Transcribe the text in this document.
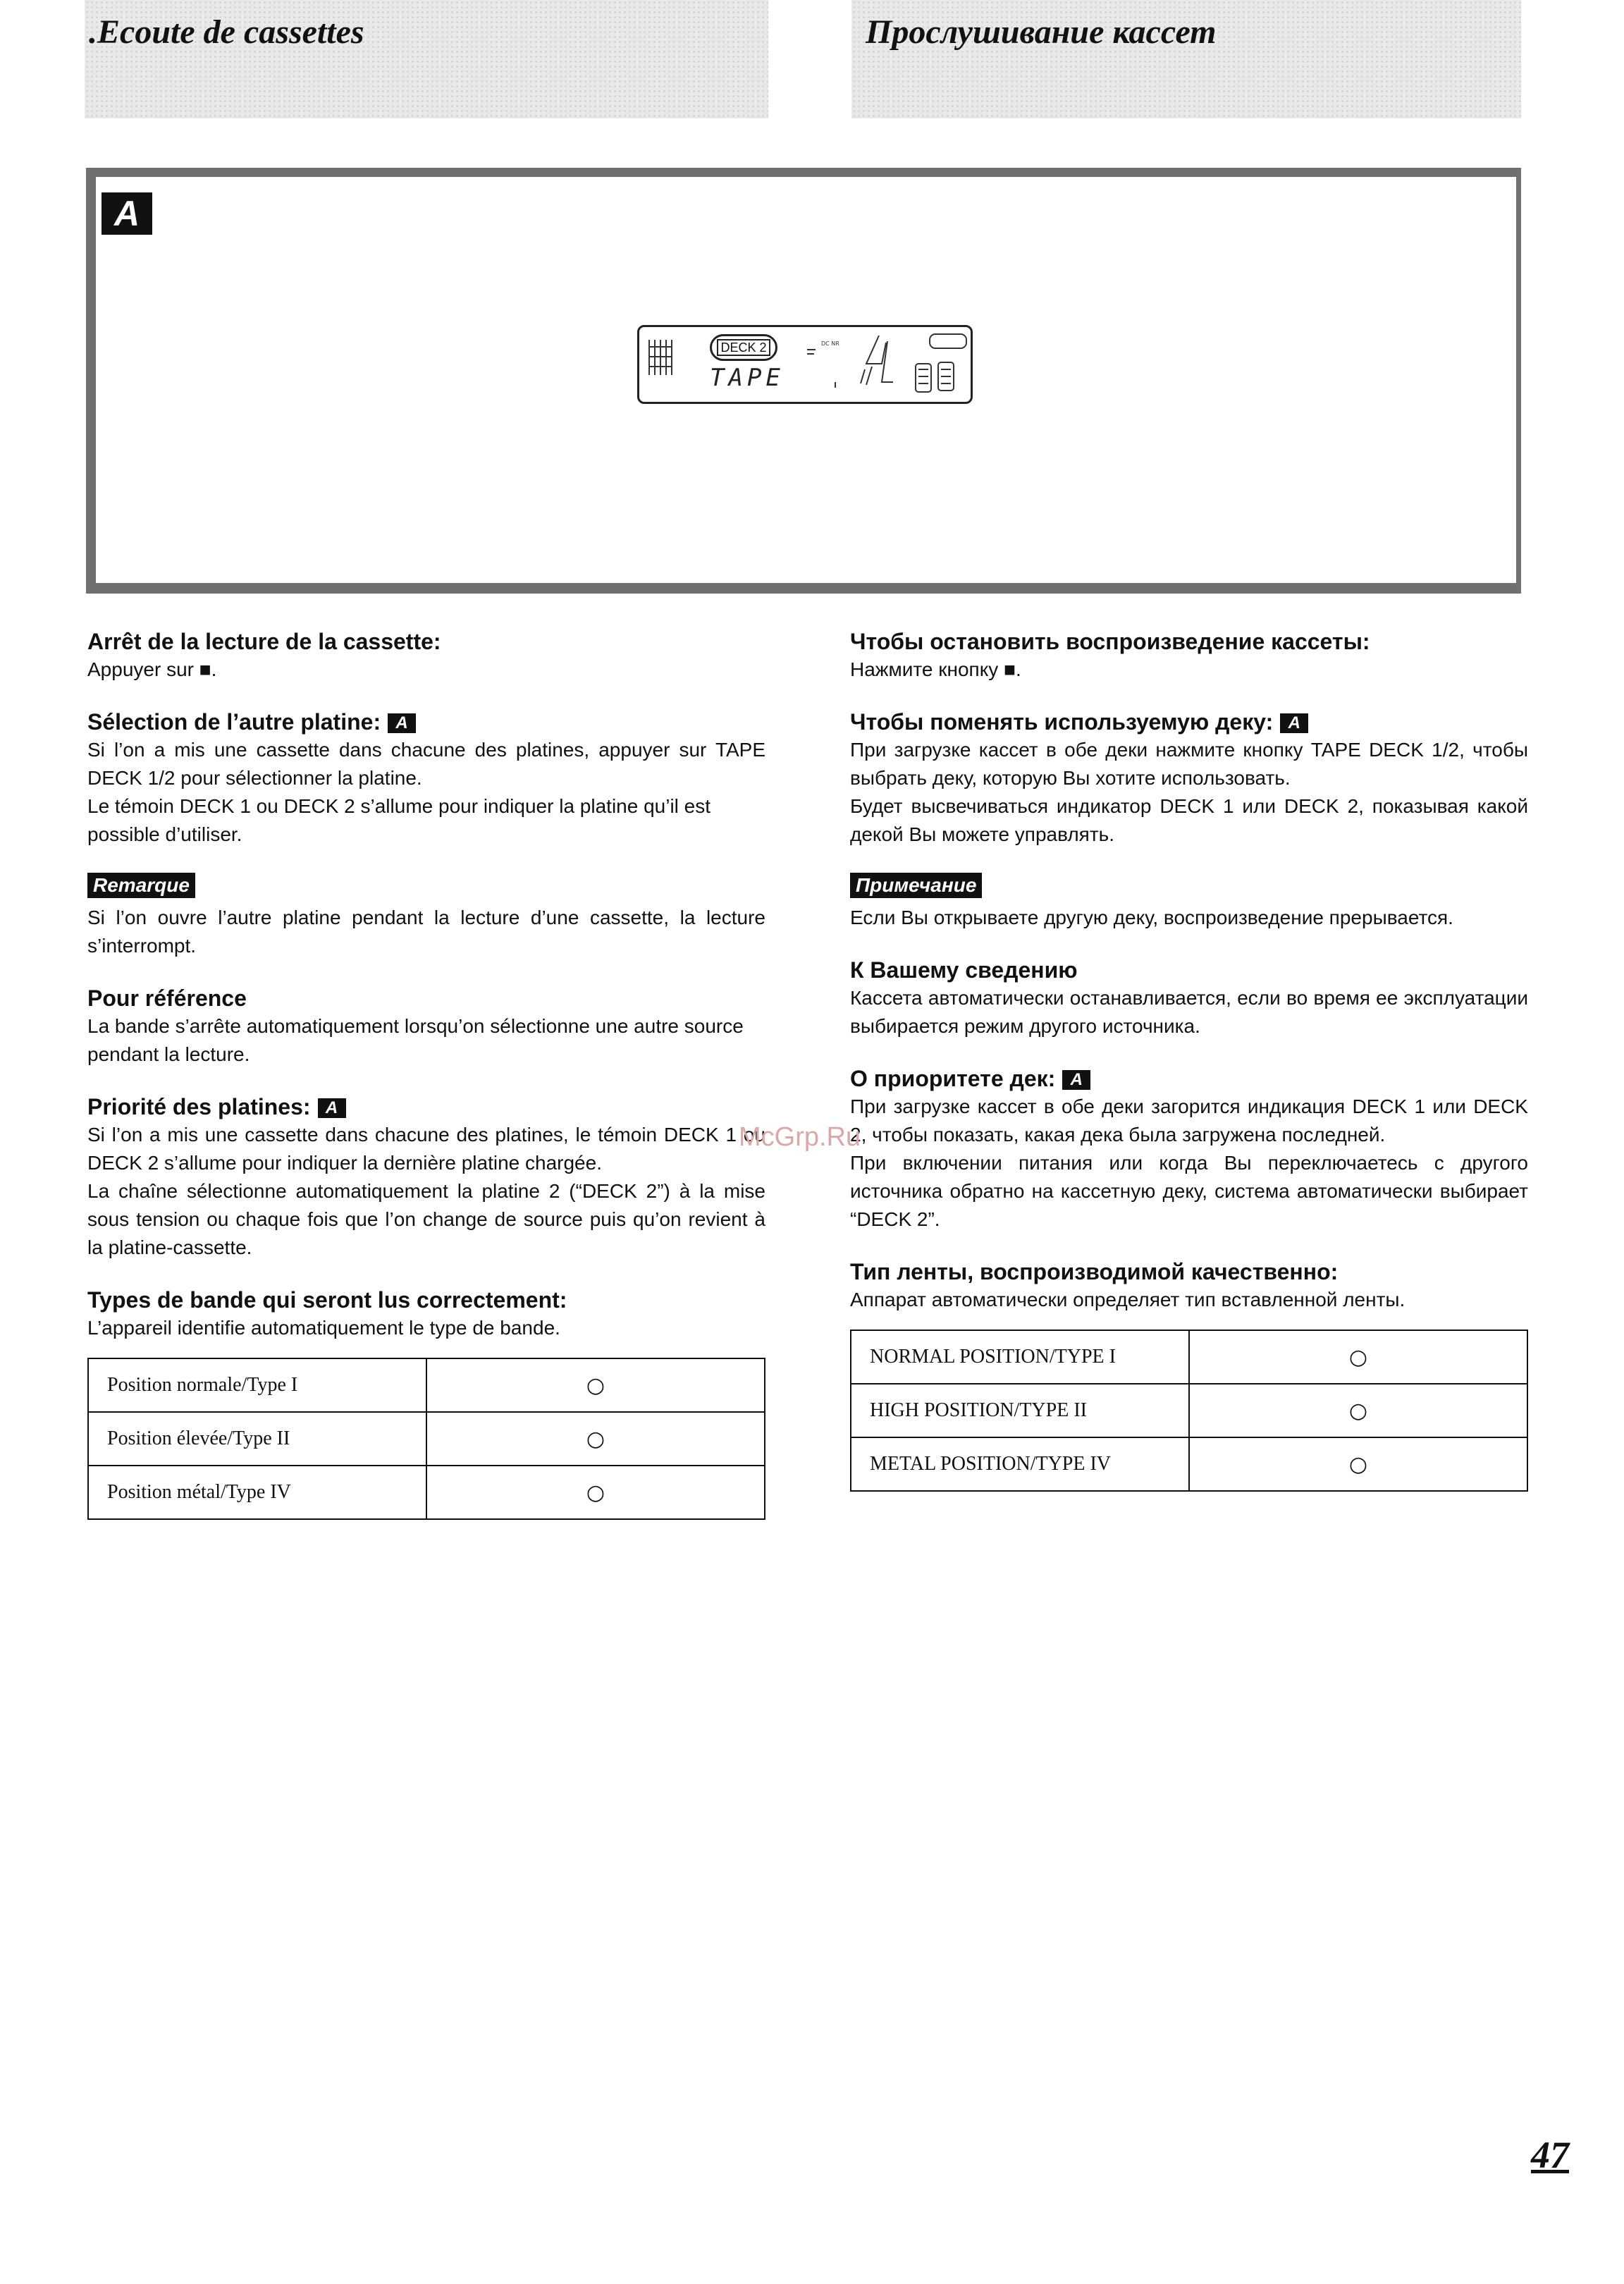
.Ecoute de cassettes	Прослушивание кассет
A
DC NR
DECK 2
TAPE
Arrêt de la lecture de la cassette:

Appuyer sur ■.

Sélection de l’autre platine: A

Si l’on a mis une cassette dans chacune des platines, appuyer sur TAPE DECK 1/2 pour sélectionner la platine.

Le témoin DECK 1 ou DECK 2 s’allume pour indiquer la platine qu’il est possible d’utiliser.

Remarque

Si l’on ouvre l’autre platine pendant la lecture d’une cassette, la lecture s’interrompt.

Pour référence

La bande s’arrête automatiquement lorsqu’on sélectionne une autre source pendant la lecture.

Priorité des platines: A

Si l’on a mis une cassette dans chacune des platines, le témoin DECK 1 ou DECK 2 s’allume pour indiquer la dernière platine chargée.

La chaîne sélectionne automatiquement la platine 2 (“DECK 2”) à la mise sous tension ou chaque fois que l’on change de source puis qu’on revient à la platine-cassette.

Types de bande qui seront lus correctement:

L’appareil identifie automatiquement le type de bande.

Position normale/Type I	○
Position élevée/Type II	○
Position métal/Type IV	○
Чтобы остановить воспроизведение кассеты:

Нажмите кнопку ■.

Чтобы поменять используемую деку: A

При загрузке кассет в обе деки нажмите кнопку TAPE DECK 1/2, чтобы выбрать деку, которую Вы хотите использовать.

Будет высвечиваться индикатор DECK 1 или DECK 2, показывая какой декой Вы можете управлять.

Примечание

Если Вы открываете другую деку, воспроизведение прерывается.

К Вашему сведению

Кассета автоматически останавливается, если во время ее эксплуатации выбирается режим другого источника.

О приоритете дек: A

При загрузке кассет в обе деки загорится индикация DECK 1 или DECK 2, чтобы показать, какая дека была загружена последней.

При включении питания или когда Вы переключаетесь с другого источника обратно на кассетную деку, система автоматически выбирает “DECK 2”.

Тип ленты, воспроизводимой качественно:

Аппарат автоматически определяет тип вставленной ленты.

NORMAL POSITION/TYPE I	○
HIGH POSITION/TYPE II	○
METAL POSITION/TYPE IV	○
McGrp.Ru
47
